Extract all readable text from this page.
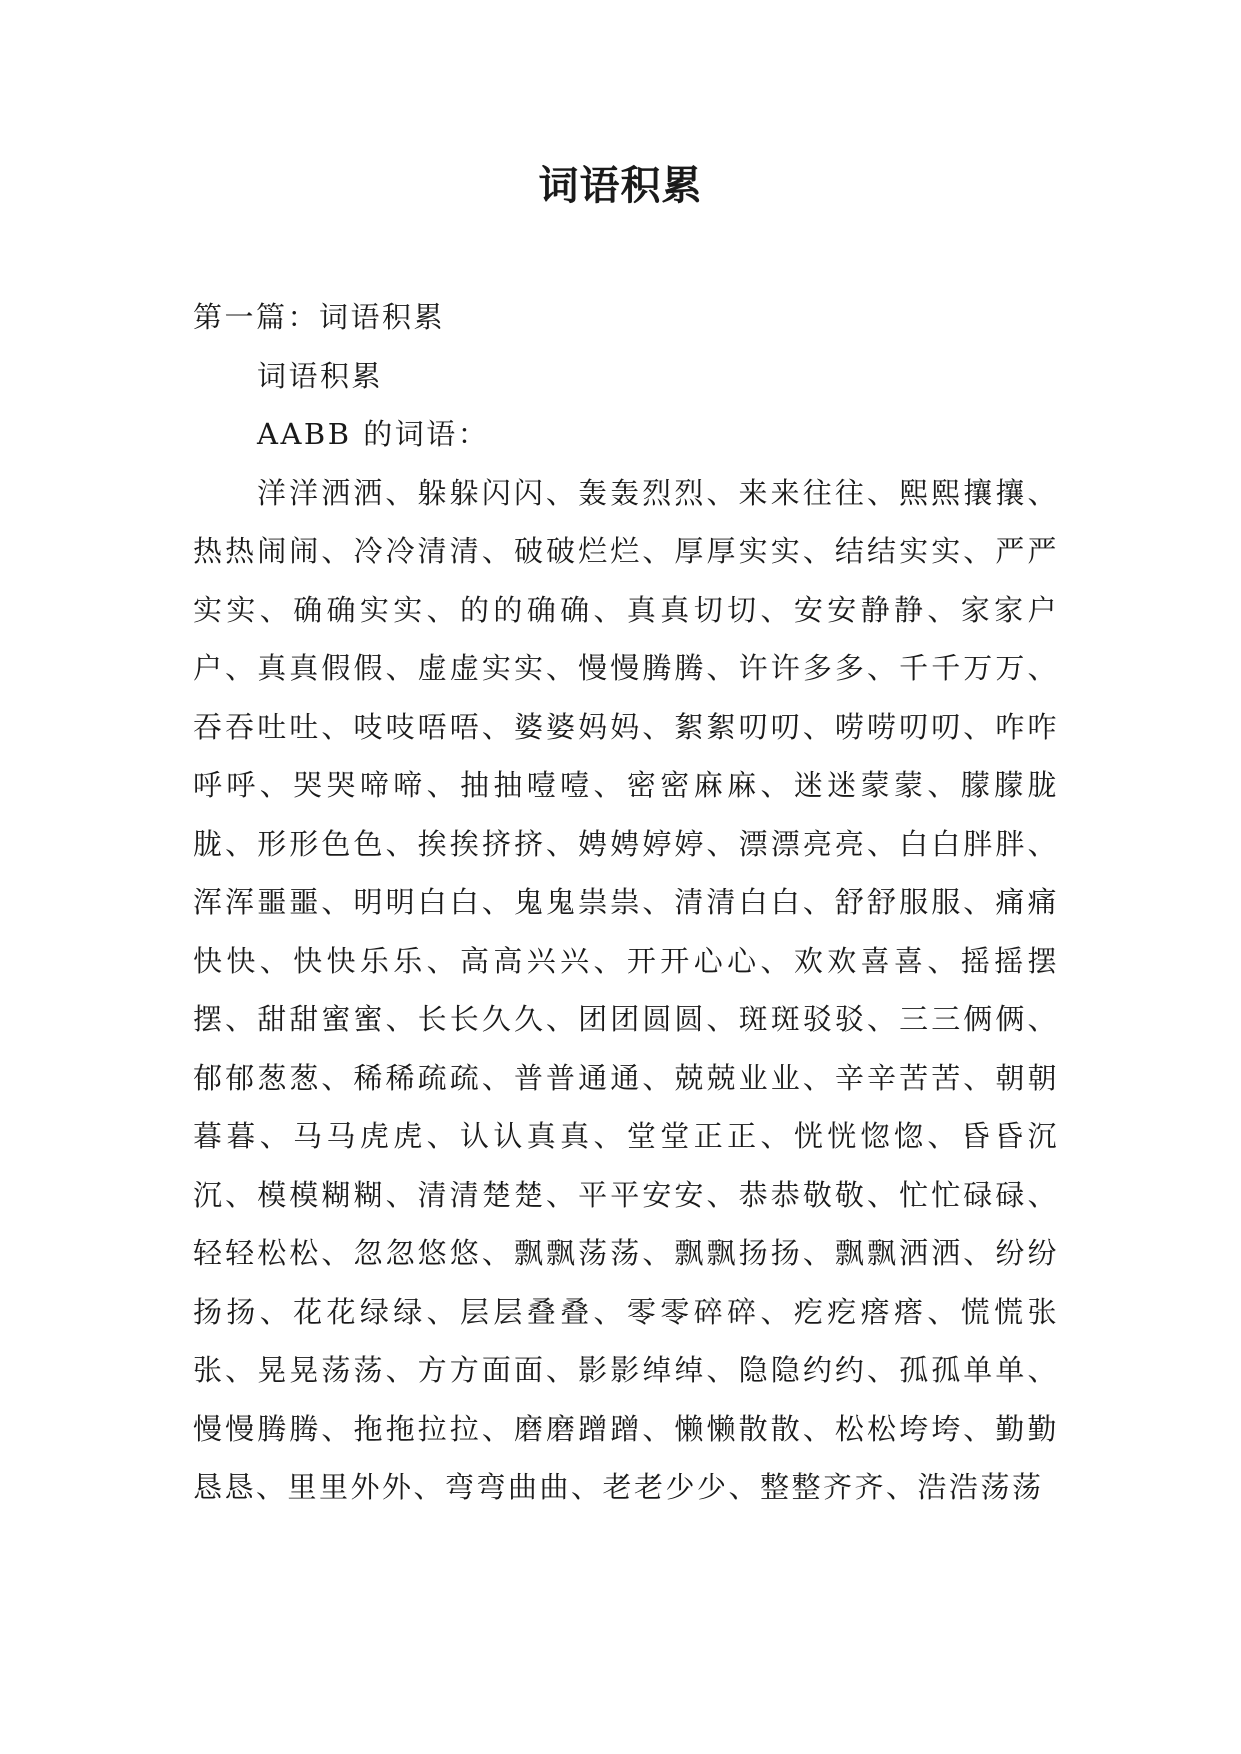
词语积累

第一篇：词语积累

词语积累

AABB 的词语：

洋洋洒洒、躲躲闪闪、轰轰烈烈、来来往往、熙熙攘攘、热热闹闹、冷冷清清、破破烂烂、厚厚实实、结结实实、严严实实、确确实实、的的确确、真真切切、安安静静、家家户户、真真假假、虚虚实实、慢慢腾腾、许许多多、千千万万、吞吞吐吐、吱吱唔唔、婆婆妈妈、絮絮叨叨、唠唠叨叨、咋咋呼呼、哭哭啼啼、抽抽噎噎、密密麻麻、迷迷蒙蒙、朦朦胧胧、形形色色、挨挨挤挤、娉娉婷婷、漂漂亮亮、白白胖胖、浑浑噩噩、明明白白、鬼鬼祟祟、清清白白、舒舒服服、痛痛快快、快快乐乐、高高兴兴、开开心心、欢欢喜喜、摇摇摆摆、甜甜蜜蜜、长长久久、团团圆圆、斑斑驳驳、三三俩俩、郁郁葱葱、稀稀疏疏、普普通通、兢兢业业、辛辛苦苦、朝朝暮暮、马马虎虎、认认真真、堂堂正正、恍恍惚惚、昏昏沉沉、模模糊糊、清清楚楚、平平安安、恭恭敬敬、忙忙碌碌、轻轻松松、忽忽悠悠、飘飘荡荡、飘飘扬扬、飘飘洒洒、纷纷扬扬、花花绿绿、层层叠叠、零零碎碎、疙疙瘩瘩、慌慌张张、晃晃荡荡、方方面面、影影绰绰、隐隐约约、孤孤单单、慢慢腾腾、拖拖拉拉、磨磨蹭蹭、懒懒散散、松松垮垮、勤勤恳恳、里里外外、弯弯曲曲、老老少少、整整齐齐、浩浩荡荡
